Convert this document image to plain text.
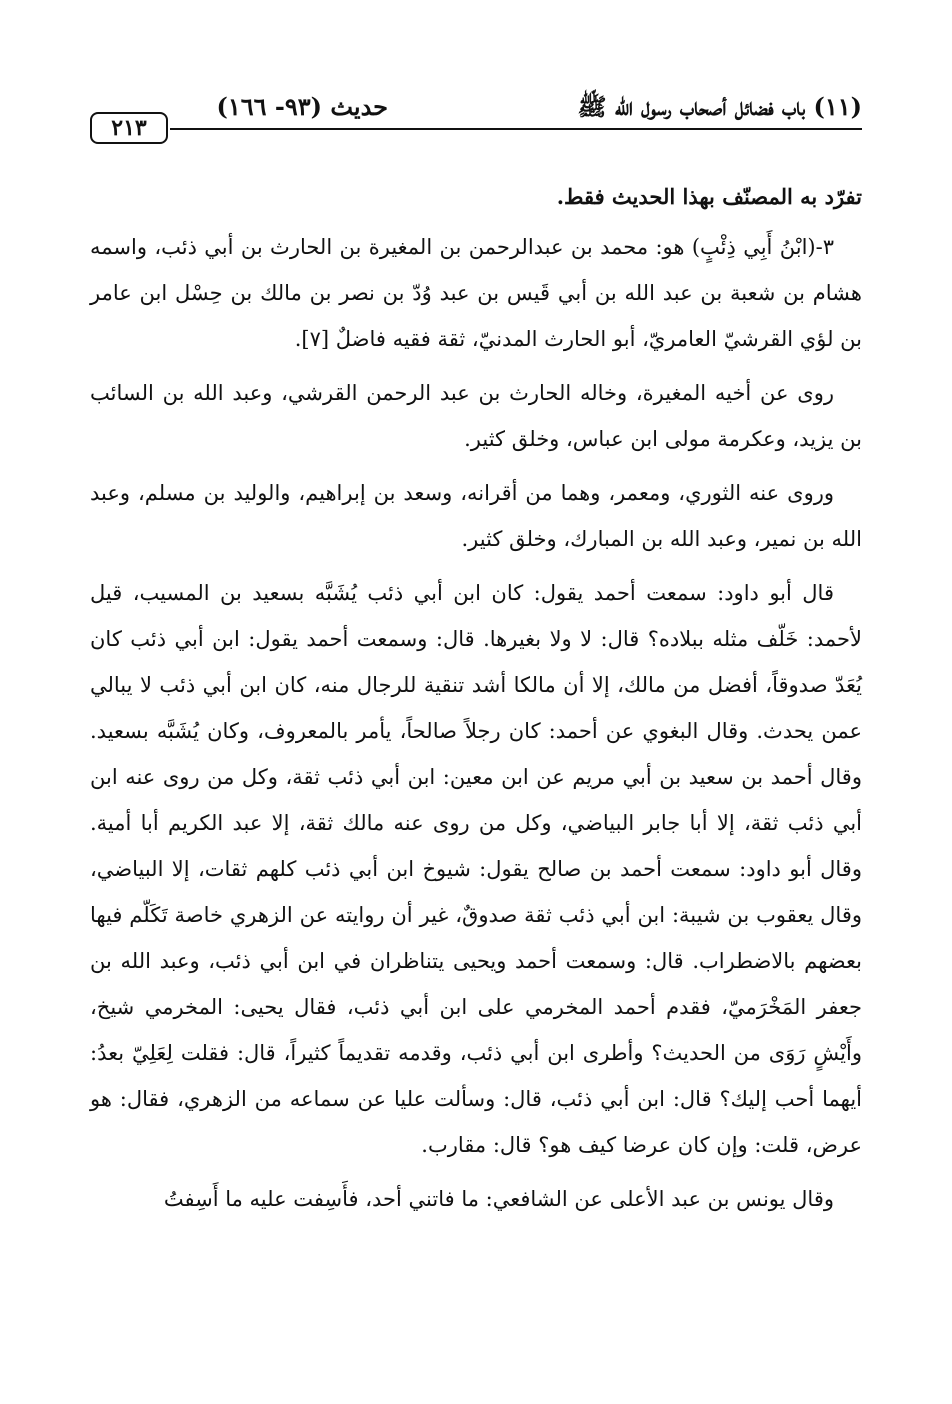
(١١) باب فضائل أصحاب رسول الله ﷺ
حديث (٩٣- ١٦٦)
٢١٣

تفرّد به المصنّف بهذا الحديث فقط.

٣-(ابْنُ أَبِي ذِئْبٍ) هو: محمد بن عبدالرحمن بن المغيرة بن الحارث بن أبي ذئب، واسمه هشام بن شعبة بن عبد الله بن أبي قَيس بن عبد وُدّ بن نصر بن مالك بن حِسْل ابن عامر بن لؤي القرشيّ العامريّ، أبو الحارث المدنيّ، ثقة فقيه فاضلٌ [٧].

روى عن أخيه المغيرة، وخاله الحارث بن عبد الرحمن القرشي، وعبد الله بن السائب بن يزيد، وعكرمة مولى ابن عباس، وخلق كثير.

وروى عنه الثوري، ومعمر، وهما من أقرانه، وسعد بن إبراهيم، والوليد بن مسلم، وعبد الله بن نمير، وعبد الله بن المبارك، وخلق كثير.

قال أبو داود: سمعت أحمد يقول: كان ابن أبي ذئب يُشَبَّه بسعيد بن المسيب، قيل لأحمد: خَلّف مثله ببلاده؟ قال: لا ولا بغيرها. قال: وسمعت أحمد يقول: ابن أبي ذئب كان يُعَدّ صدوقاً، أفضل من مالك، إلا أن مالكا أشد تنقية للرجال منه، كان ابن أبي ذئب لا يبالي عمن يحدث. وقال البغوي عن أحمد: كان رجلاً صالحاً، يأمر بالمعروف، وكان يُشَبَّه بسعيد. وقال أحمد بن سعيد بن أبي مريم عن ابن معين: ابن أبي ذئب ثقة، وكل من روى عنه ابن أبي ذئب ثقة، إلا أبا جابر البياضي، وكل من روى عنه مالك ثقة، إلا عبد الكريم أبا أمية. وقال أبو داود: سمعت أحمد بن صالح يقول: شيوخ ابن أبي ذئب كلهم ثقات، إلا البياضي، وقال يعقوب بن شيبة: ابن أبي ذئب ثقة صدوقٌ، غير أن روايته عن الزهري خاصة تَكَلّم فيها بعضهم بالاضطراب. قال: وسمعت أحمد ويحيى يتناظران في ابن أبي ذئب، وعبد الله بن جعفر المَخْرَميّ، فقدم أحمد المخرمي على ابن أبي ذئب، فقال يحيى: المخرمي شيخ، وأَيْشٍ رَوَى من الحديث؟ وأطرى ابن أبي ذئب، وقدمه تقديماً كثيراً، قال: فقلت لِعَلِيّ بعدُ: أيهما أحب إليك؟ قال: ابن أبي ذئب، قال: وسألت عليا عن سماعه من الزهري، فقال: هو عرض، قلت: وإن كان عرضا كيف هو؟ قال: مقارب.

وقال يونس بن عبد الأعلى عن الشافعي: ما فاتني أحد، فأَسِفت عليه ما أَسِفتُ
